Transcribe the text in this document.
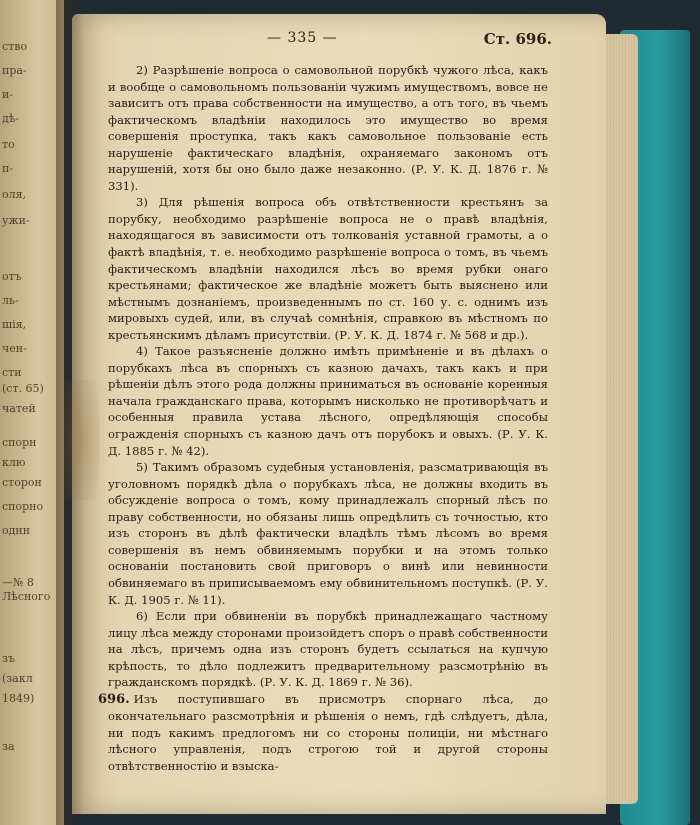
ство
пра-
и-
дѣ-
то
п-
оля,
ужи-
отъ
ль-
шія,
чен-
сти
(ст. 65)
чатей
спорн
клю
сторон
спорно
однн
—№ 8
Лѣсного
зъ
(закл
1849)
за
— 335 —	Ст. 696.

2) Разрѣшеніе вопроса о самовольной порубкѣ чужого лѣса, какъ и вообще о самовольномъ пользованіи чужимъ имуществомъ, вовсе не зависитъ отъ права собственности на имущество, а отъ того, въ чьемъ фактическомъ владѣніи находилось это имущество во время совершенія проступка, такъ какъ самовольное пользованіе есть нарушеніе фактическаго владѣнія, охраняемаго закономъ отъ нарушеній, хотя бы оно было даже незаконно. (Р. У. К. Д. 1876 г. № 331).

3) Для рѣшенія вопроса объ отвѣтственности крестьянъ за порубку, необходимо разрѣшеніе вопроса не о правѣ владѣнія, находящагося въ зависимости отъ толкованія уставной грамоты, а о фактѣ владѣнія, т. е. необходимо разрѣшеніе вопроса о томъ, въ чьемъ фактическомъ владѣніи находился лѣсъ во время рубки онаго крестьянами; фактическое же владѣніе можетъ быть выяснено или мѣстнымъ дознаніемъ, произведеннымъ по ст. 160 у. с. однимъ изъ мировыхъ судей, или, въ случаѣ сомнѣнія, справкою въ мѣстномъ по крестьянскимъ дѣламъ присутствіи. (Р. У. К. Д. 1874 г. № 568 и др.).

4) Такое разъясненіе должно имѣть примѣненіе и въ дѣлахъ о порубкахъ лѣса въ спорныхъ съ казною дачахъ, такъ какъ и при рѣшеніи дѣлъ этого рода должны приниматься въ основаніе коренныя начала гражданскаго права, которымъ нисколько не противорѣчатъ и особенныя правила устава лѣсного, опредѣляющія способы огражденія спорныхъ съ казною дачъ отъ порубокъ и овыхъ. (Р. У. К. Д. 1885 г. № 42).

5) Такимъ образомъ судебныя установленія, разсматривающія въ уголовномъ порядкѣ дѣла о порубкахъ лѣса, не должны входить въ обсужденіе вопроса о томъ, кому принадлежалъ спорный лѣсъ по праву собственности, но обязаны лишь опредѣлить съ точностью, кто изъ сторонъ въ дѣлѣ фактически владѣлъ тѣмъ лѣсомъ во время совершенія въ немъ обвиняемымъ порубки и на этомъ только основаніи постановить свой приговоръ о винѣ или невинности обвиняемаго въ приписываемомъ ему обвинительномъ поступкѣ. (Р. У. К. Д. 1905 г. № 11).

6) Если при обвиненіи въ порубкѣ принадлежащаго частному лицу лѣса между сторонами произойдетъ споръ о правѣ собственности на лѣсъ, причемъ одна изъ сторонъ будетъ ссылаться на купчую крѣпость, то дѣло подлежитъ предварительному разсмотрѣнію въ гражданскомъ порядкѣ. (Р. У. К. Д. 1869 г. № 36).

696. Изъ поступившаго въ присмотръ спорнаго лѣса, до окончательнаго разсмотрѣнія и рѣшенія о немъ, гдѣ слѣдуетъ, дѣла, ни подъ какимъ предлогомъ ни со стороны полиціи, ни мѣстнаго лѣсного управленія, подъ строгою той и другой стороны отвѣтственностію и взыска-
